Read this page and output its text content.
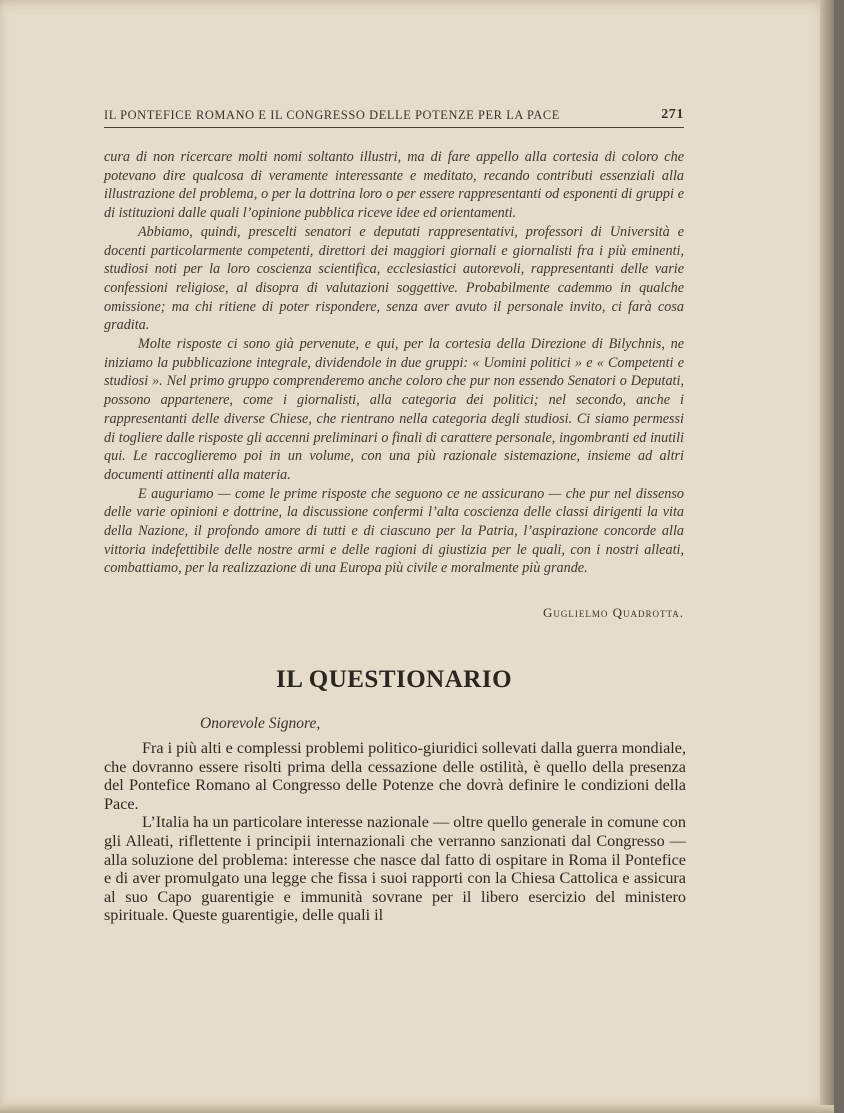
IL PONTEFICE ROMANO E IL CONGRESSO DELLE POTENZE PER LA PACE	271

cura di non ricercare molti nomi soltanto illustri, ma di fare appello alla cortesia di coloro che potevano dire qualcosa di veramente interessante e meditato, recando contributi essenziali alla illustrazione del problema, o per la dottrina loro o per essere rappresentanti od esponenti di gruppi e di istituzioni dalle quali l’opinione pubblica riceve idee ed orientamenti.

Abbiamo, quindi, prescelti senatori e deputati rappresentativi, professori di Università e docenti particolarmente competenti, direttori dei maggiori giornali e giornalisti fra i più eminenti, studiosi noti per la loro coscienza scientifica, ecclesiastici autorevoli, rappresentanti delle varie confessioni religiose, al disopra di valutazioni soggettive. Probabilmente cademmo in qualche omissione; ma chi ritiene di poter rispondere, senza aver avuto il personale invito, ci farà cosa gradita.

Molte risposte ci sono già pervenute, e qui, per la cortesia della Direzione di Bilychnis, ne iniziamo la pubblicazione integrale, dividendole in due gruppi: « Uomini politici » e « Competenti e studiosi ». Nel primo gruppo comprenderemo anche coloro che pur non essendo Senatori o Deputati, possono appartenere, come i giornalisti, alla categoria dei politici; nel secondo, anche i rappresentanti delle diverse Chiese, che rientrano nella categoria degli studiosi. Ci siamo permessi di togliere dalle risposte gli accenni preliminari o finali di carattere personale, ingombranti ed inutili qui. Le raccoglieremo poi in un volume, con una più razionale sistemazione, insieme ad altri documenti attinenti alla materia.

E auguriamo — come le prime risposte che seguono ce ne assicurano — che pur nel dissenso delle varie opinioni e dottrine, la discussione confermi l’alta coscienza delle classi dirigenti la vita della Nazione, il profondo amore di tutti e di ciascuno per la Patria, l’aspirazione concorde alla vittoria indefettibile delle nostre armi e delle ragioni di giustizia per le quali, con i nostri alleati, combattiamo, per la realizzazione di una Europa più civile e moralmente più grande.

Guglielmo Quadrotta.
IL QUESTIONARIO
Onorevole Signore,

Fra i più alti e complessi problemi politico-giuridici sollevati dalla guerra mondiale, che dovranno essere risolti prima della cessazione delle ostilità, è quello della presenza del Pontefice Romano al Congresso delle Potenze che dovrà definire le condizioni della Pace.

L’Italia ha un particolare interesse nazionale — oltre quello generale in comune con gli Alleati, riflettente i principii internazionali che verranno sanzionati dal Congresso — alla soluzione del problema: interesse che nasce dal fatto di ospitare in Roma il Pontefice e di aver promulgato una legge che fissa i suoi rapporti con la Chiesa Cattolica e assicura al suo Capo guarentigie e immunità sovrane per il libero esercizio del ministero spirituale. Queste guarentigie, delle quali il
